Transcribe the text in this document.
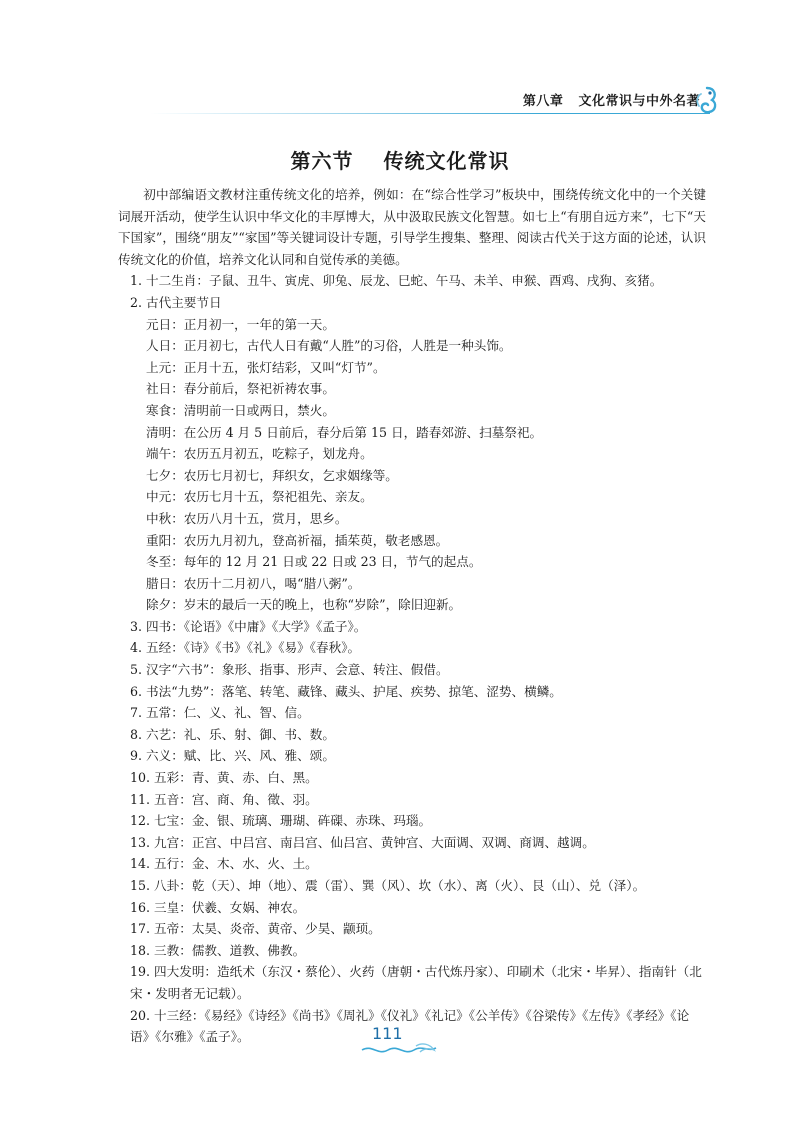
第八章 文化常识与中外名著
第六节 传统文化常识

初中部编语文教材注重传统文化的培养，例如：在“综合性学习”板块中，围绕传统文化中的一个关键词展开活动，使学生认识中华文化的丰厚博大，从中汲取民族文化智慧。如七上“有朋自远方来”，七下“天下国家”，围绕“朋友”“家国”等关键词设计专题，引导学生搜集、整理、阅读古代关于这方面的论述，认识传统文化的价值，培养文化认同和自觉传承的美德。

1. 十二生肖：子鼠、丑牛、寅虎、卯兔、辰龙、巳蛇、午马、未羊、申猴、酉鸡、戌狗、亥猪。
2. 古代主要节日
元日：正月初一，一年的第一天。
人日：正月初七，古代人日有戴“人胜”的习俗，人胜是一种头饰。
上元：正月十五，张灯结彩，又叫“灯节”。
社日：春分前后，祭祀祈祷农事。
寒食：清明前一日或两日，禁火。
清明：在公历 4 月 5 日前后，春分后第 15 日，踏春郊游、扫墓祭祀。
端午：农历五月初五，吃粽子，划龙舟。
七夕：农历七月初七，拜织女，乞求姻缘等。
中元：农历七月十五，祭祀祖先、亲友。
中秋：农历八月十五，赏月，思乡。
重阳：农历九月初九，登高祈福，插茱萸，敬老感恩。
冬至：每年的 12 月 21 日或 22 日或 23 日，节气的起点。
腊日：农历十二月初八，喝“腊八粥”。
除夕：岁末的最后一天的晚上，也称“岁除”，除旧迎新。
3. 四书：《论语》《中庸》《大学》《孟子》。
4. 五经：《诗》《书》《礼》《易》《春秋》。
5. 汉字“六书”：象形、指事、形声、会意、转注、假借。
6. 书法“九势”：落笔、转笔、藏锋、藏头、护尾、疾势、掠笔、涩势、横鳞。
7. 五常：仁、义、礼、智、信。
8. 六艺：礼、乐、射、御、书、数。
9. 六义：赋、比、兴、风、雅、颂。
10. 五彩：青、黄、赤、白、黑。
11. 五音：宫、商、角、徵、羽。
12. 七宝：金、银、琉璃、珊瑚、砗磲、赤珠、玛瑙。
13. 九宫：正宫、中吕宫、南吕宫、仙吕宫、黄钟宫、大面调、双调、商调、越调。
14. 五行：金、木、水、火、土。
15. 八卦：乾（天）、坤（地）、震（雷）、巽（风）、坎（水）、离（火）、艮（山）、兑（泽）。
16. 三皇：伏羲、女娲、神农。
17. 五帝：太昊、炎帝、黄帝、少昊、颛顼。
18. 三教：儒教、道教、佛教。
19. 四大发明：造纸术（东汉・蔡伦）、火药（唐朝・古代炼丹家）、印刷术（北宋・毕昇）、指南针（北宋・发明者无记载）。
20. 十三经：《易经》《诗经》《尚书》《周礼》《仪礼》《礼记》《公羊传》《谷梁传》《左传》《孝经》《论语》《尔雅》《孟子》。	111
